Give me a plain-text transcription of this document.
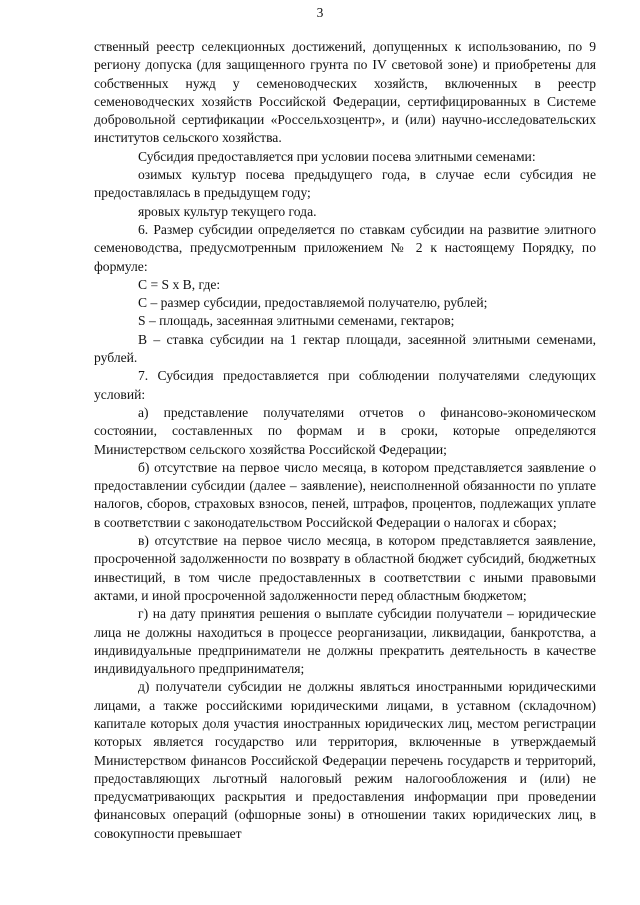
3

ственный реестр селекционных достижений, допущенных к использованию, по 9 региону допуска (для защищенного грунта по IV световой зоне) и приобретены для собственных нужд у семеноводческих хозяйств, включенных в реестр семеноводческих хозяйств Российской Федерации, сертифицированных в Системе добровольной сертификации «Россельхозцентр», и (или) научно-исследовательских институтов сельского хозяйства.

Субсидия предоставляется при условии посева элитными семенами:

озимых культур посева предыдущего года, в случае если субсидия не предоставлялась в предыдущем году;

яровых культур текущего года.

6. Размер субсидии определяется по ставкам субсидии на развитие элитного семеноводства, предусмотренным приложением № 2 к настоящему Порядку, по формуле:

С = S x В, где:

С – размер субсидии, предоставляемой получателю, рублей;

S – площадь, засеянная элитными семенами, гектаров;

В – ставка субсидии на 1 гектар площади, засеянной элитными семенами, рублей.

7. Субсидия предоставляется при соблюдении получателями следующих условий:

а) представление получателями отчетов о финансово-экономическом состоянии, составленных по формам и в сроки, которые определяются Министерством сельского хозяйства Российской Федерации;

б) отсутствие на первое число месяца, в котором представляется заявление о предоставлении субсидии (далее – заявление), неисполненной обязанности по уплате налогов, сборов, страховых взносов, пеней, штрафов, процентов, подлежащих уплате в соответствии с законодательством Российской Федерации о налогах и сборах;

в) отсутствие на первое число месяца, в котором представляется заявление, просроченной задолженности по возврату в областной бюджет субсидий, бюджетных инвестиций, в том числе предоставленных в соответствии с иными правовыми актами, и иной просроченной задолженности перед областным бюджетом;

г) на дату принятия решения о выплате субсидии получатели – юридические лица не должны находиться в процессе реорганизации, ликвидации, банкротства, а индивидуальные предприниматели не должны прекратить деятельность в качестве индивидуального предпринимателя;

д) получатели субсидии не должны являться иностранными юридическими лицами, а также российскими юридическими лицами, в уставном (складочном) капитале которых доля участия иностранных юридических лиц, местом регистрации которых является государство или территория, включенные в утверждаемый Министерством финансов Российской Федерации перечень государств и территорий, предоставляющих льготный налоговый режим налогообложения и (или) не предусматривающих раскрытия и предоставления информации при проведении финансовых операций (офшорные зоны) в отношении таких юридических лиц, в совокупности превышает
